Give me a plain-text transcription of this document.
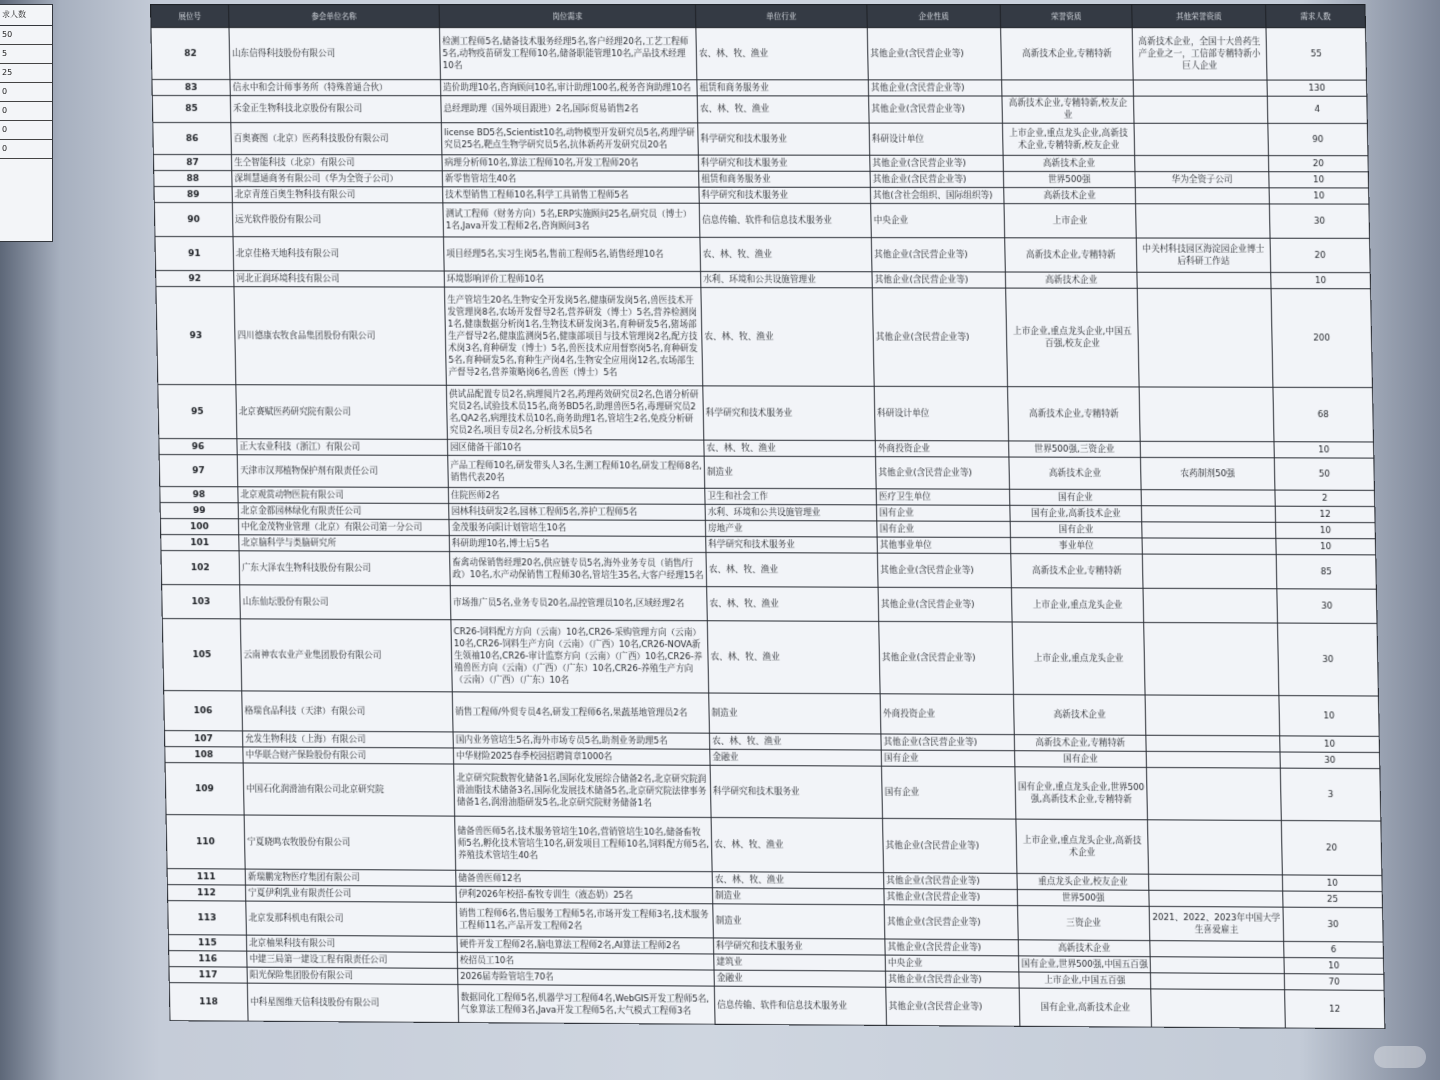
求人数
50
5
25
0
0
0
0
展位号	参会单位名称	岗位需求	单位行业	企业性质	荣誉资质	其他荣誉资质	需求人数
82	山东信得科技股份有限公司	检测工程师5名,储备技术服务经理5名,客户经理20名,工艺工程师5名,动物疫苗研发工程师10名,储备职能管理10名,产品技术经理10名	农、林、牧、渔业	其他企业(含民营企业等)	高新技术企业,专精特新	高新技术企业，全国十大兽药生产企业之一，工信部专精特新小巨人企业	55
83	信永中和会计师事务所（特殊普通合伙）	造价助理10名,咨询顾问10名,审计助理100名,税务咨询助理10名	租赁和商务服务业	其他企业(含民营企业等)			130
85	禾金正生物科技北京股份有限公司	总经理助理（国外项目跟进）2名,国际贸易销售2名	农、林、牧、渔业	其他企业(含民营企业等)	高新技术企业,专精特新,校友企业		4
86	百奥赛图（北京）医药科技股份有限公司	license BD5名,Scientist10名,动物模型开发研究员5名,药理学研究员25名,靶点生物学研究员5名,抗体新药开发研究员20名	科学研究和技术服务业	科研设计单位	上市企业,重点龙头企业,高新技术企业,专精特新,校友企业		90
87	生仝智能科技（北京）有限公司	病理分析师10名,算法工程师10名,开发工程师20名	科学研究和技术服务业	其他企业(含民营企业等)	高新技术企业		20
88	深圳慧通商务有限公司（华为全资子公司）	新零售管培生40名	租赁和商务服务业	其他企业(含民营企业等)	世界500强	华为全资子公司	10
89	北京青莲百奥生物科技有限公司	技术型销售工程师10名,科学工具销售工程师5名	科学研究和技术服务业	其他(含社会组织、国际组织等)	高新技术企业		10
90	远光软件股份有限公司	测试工程师（财务方向）5名,ERP实施顾问25名,研究员（博士）1名,Java开发工程师2名,咨询顾问3名	信息传输、软件和信息技术服务业	中央企业	上市企业		30
91	北京佳格天地科技有限公司	项目经理5名,实习生岗5名,售前工程师5名,销售经理10名	农、林、牧、渔业	其他企业(含民营企业等)	高新技术企业,专精特新	中关村科技园区海淀园企业博士后科研工作站	20
92	河北正润环境科技有限公司	环境影响评价工程师10名	水利、环境和公共设施管理业	其他企业(含民营企业等)	高新技术企业		10
93	四川德康农牧食品集团股份有限公司	生产管培生20名,生物安全开发岗5名,健康研发岗5名,兽医技术开发管理岗8名,农场开发督导2名,营养研发（博士）5名,营养检测岗1名,健康数据分析岗1名,生物技术研发岗3名,育种研发5名,猪场部生产督导2名,健康监测岗5名,健康部项目与技术管理岗2名,配方技术岗3名,育种研发（博士）5名,兽医技术应用督察岗5名,育种研发5名,育种研发5名,育种生产岗4名,生物安全应用岗12名,农场部生产督导2名,营养策略岗6名,兽医（博士）5名	农、林、牧、渔业	其他企业(含民营企业等)	上市企业,重点龙头企业,中国五百强,校友企业		200
95	北京赛赋医药研究院有限公司	供试品配置专员2名,病理阅片2名,药理药效研究员2名,色谱分析研究员2名,试验技术员15名,商务BD5名,助理兽医5名,毒理研究员2名,QA2名,病理技术员10名,商务助理1名,管培生2名,免疫分析研究员2名,项目专员2名,分析技术员5名	科学研究和技术服务业	科研设计单位	高新技术企业,专精特新		68
96	正大农业科技（浙江）有限公司	园区储备干部10名	农、林、牧、渔业	外商投资企业	世界500强,三资企业		10
97	天津市汉邦植物保护剂有限责任公司	产品工程师10名,研发带头人3名,生测工程师10名,研发工程师8名,销售代表20名	制造业	其他企业(含民营企业等)	高新技术企业	农药制剂50强	50
98	北京观赏动物医院有限公司	住院医师2名	卫生和社会工作	医疗卫生单位	国有企业		2
99	北京金都园林绿化有限责任公司	园林科技研发2名,园林工程师5名,养护工程师5名	水利、环境和公共设施管理业	国有企业	国有企业,高新技术企业		12
100	中化金茂物业管理（北京）有限公司第一分公司	金茂服务向阳计划管培生10名	房地产业	国有企业	国有企业		10
101	北京脑科学与类脑研究所	科研助理10名,博士后5名	科学研究和技术服务业	其他事业单位	事业单位		10
102	广东大泽农生物科技股份有限公司	畜禽动保销售经理20名,供应链专员5名,海外业务专员（销售/行政）10名,水产动保销售工程师30名,管培生35名,大客户经理15名	农、林、牧、渔业	其他企业(含民营企业等)	高新技术企业,专精特新		85
103	山东仙坛股份有限公司	市场推广员5名,业务专员20名,品控管理员10名,区域经理2名	农、林、牧、渔业	其他企业(含民营企业等)	上市企业,重点龙头企业		30
105	云南神农农业产业集团股份有限公司	CR26-饲料配方方向（云南）10名,CR26-采购管理方向（云南）10名,CR26-饲料生产方向（云南）（广西）10名,CR26-NOVA新生领袖10名,CR26-审计监察方向（云南）（广西）10名,CR26-养殖兽医方向（云南）（广西）（广东）10名,CR26-养殖生产方向（云南）（广西）（广东）10名	农、林、牧、渔业	其他企业(含民营企业等)	上市企业,重点龙头企业		30
106	格瑞食品科技（天津）有限公司	销售工程师/外贸专员4名,研发工程师6名,果蔬基地管理员2名	制造业	外商投资企业	高新技术企业		10
107	允发生物科技（上海）有限公司	国内业务管培生5名,海外市场专员5名,助剂业务助理5名	农、林、牧、渔业	其他企业(含民营企业等)	高新技术企业,专精特新		10
108	中华联合财产保险股份有限公司	中华财险2025春季校园招聘简章1000名	金融业	国有企业	国有企业		30
109	中国石化润滑油有限公司北京研究院	北京研究院数智化储备1名,国际化发展综合储备2名,北京研究院润滑油脂技术储备3名,国际化发展技术储备5名,北京研究院法律事务储备1名,润滑油脂研发5名,北京研究院财务储备1名	科学研究和技术服务业	国有企业	国有企业,重点龙头企业,世界500强,高新技术企业,专精特新		3
110	宁夏晓鸣农牧股份有限公司	储备兽医师5名,技术服务管培生10名,营销管培生10名,储备畜牧师5名,孵化技术管培生10名,研发项目工程师10名,饲料配方师5名,养殖技术管培生40名	农、林、牧、渔业	其他企业(含民营企业等)	上市企业,重点龙头企业,高新技术企业		20
111	新瑞鹏宠物医疗集团有限公司	储备兽医师12名	农、林、牧、渔业	其他企业(含民营企业等)	重点龙头企业,校友企业		10
112	宁夏伊利乳业有限责任公司	伊利2026年校招-畜牧专训生（液态奶）25名	制造业	其他企业(含民营企业等)	世界500强		25
113	北京发那科机电有限公司	销售工程师6名,售后服务工程师5名,市场开发工程师3名,技术服务工程师11名,产品开发工程师2名	制造业	其他企业(含民营企业等)	三资企业	2021、2022、2023年中国大学生喜爱雇主	30
115	北京柚果科技有限公司	硬件开发工程师2名,脑电算法工程师2名,AI算法工程师2名	科学研究和技术服务业	其他企业(含民营企业等)	高新技术企业		6
116	中建三局第一建设工程有限责任公司	校招员工10名	建筑业	中央企业	国有企业,世界500强,中国五百强		10
117	阳光保险集团股份有限公司	2026届寿险管培生70名	金融业	其他企业(含民营企业等)	上市企业,中国五百强		70
118	中科星图维天信科技股份有限公司	数据同化工程师5名,机器学习工程师4名,WebGIS开发工程师5名,气象算法工程师3名,Java开发工程师5名,大气模式工程师3名	信息传输、软件和信息技术服务业	其他企业(含民营企业等)	国有企业,高新技术企业		12
